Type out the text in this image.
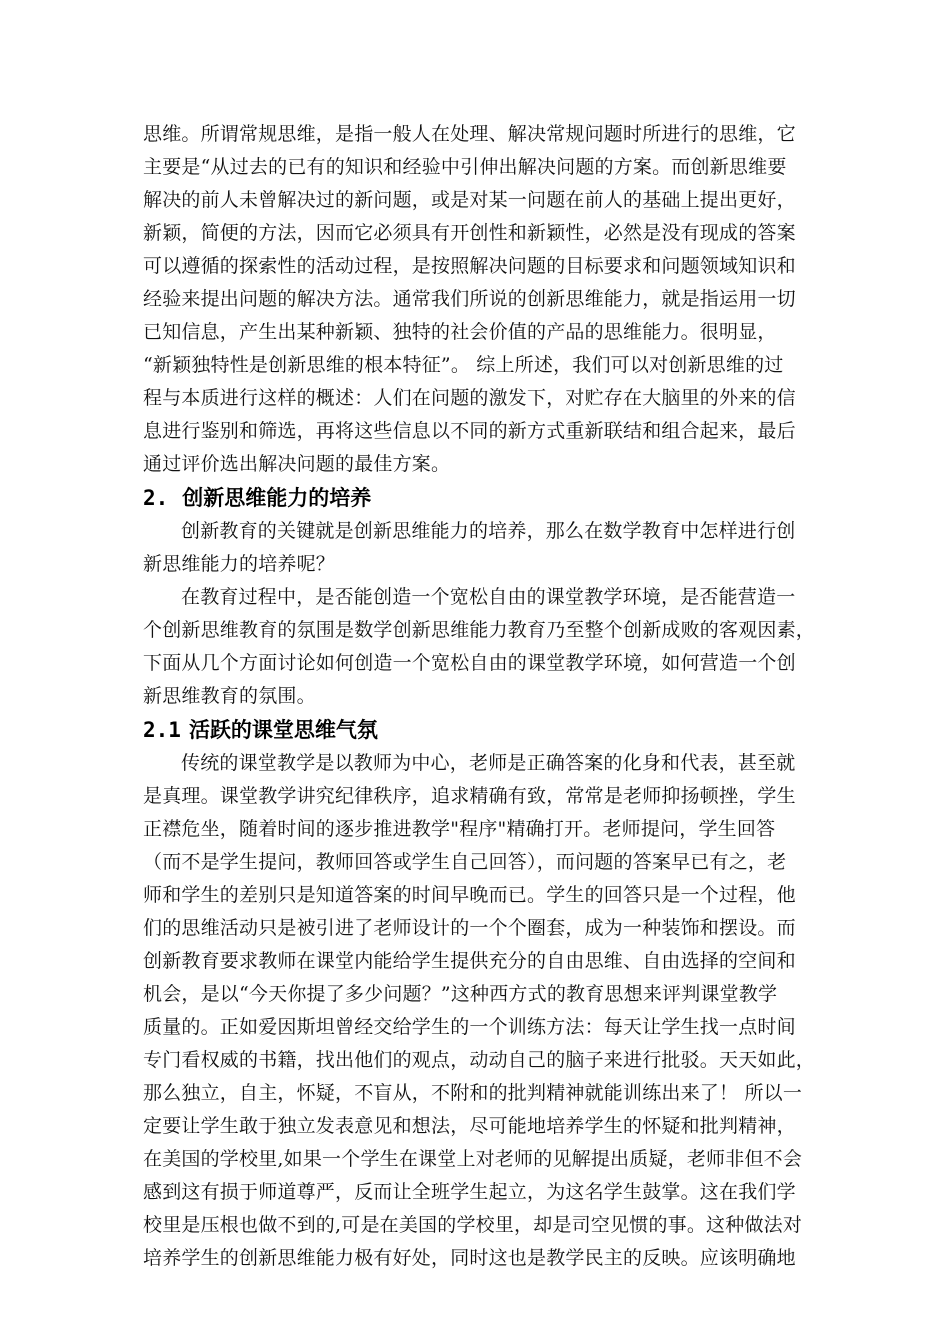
思维。所谓常规思维，是指一般人在处理、解决常规问题时所进行的思维，它
主要是“从过去的已有的知识和经验中引伸出解决问题的方案。而创新思维要
解决的前人未曾解决过的新问题，或是对某一问题在前人的基础上提出更好，
新颖，简便的方法，因而它必须具有开创性和新颖性，必然是没有现成的答案
可以遵循的探索性的活动过程，是按照解决问题的目标要求和问题领域知识和
经验来提出问题的解决方法。通常我们所说的创新思维能力，就是指运用一切
已知信息，产生出某种新颖、独特的社会价值的产品的思维能力。很明显，
“新颖独特性是创新思维的根本特征”。 综上所述，我们可以对创新思维的过
程与本质进行这样的概述：人们在问题的激发下，对贮存在大脑里的外来的信
息进行鉴别和筛选，再将这些信息以不同的新方式重新联结和组合起来，最后
通过评价选出解决问题的最佳方案。
2. 创新思维能力的培养
创新教育的关键就是创新思维能力的培养，那么在数学教育中怎样进行创
新思维能力的培养呢？
在教育过程中，是否能创造一个宽松自由的课堂教学环境，是否能营造一
个创新思维教育的氛围是数学创新思维能力教育乃至整个创新成败的客观因素，
下面从几个方面讨论如何创造一个宽松自由的课堂教学环境，如何营造一个创
新思维教育的氛围。
2.1 活跃的课堂思维气氛
传统的课堂教学是以教师为中心，老师是正确答案的化身和代表，甚至就
是真理。课堂教学讲究纪律秩序，追求精确有致，常常是老师抑扬顿挫，学生
正襟危坐，随着时间的逐步推进教学"程序"精确打开。老师提问，学生回答
（而不是学生提问，教师回答或学生自己回答），而问题的答案早已有之，老
师和学生的差别只是知道答案的时间早晚而已。学生的回答只是一个过程，他
们的思维活动只是被引进了老师设计的一个个圈套，成为一种装饰和摆设。而
创新教育要求教师在课堂内能给学生提供充分的自由思维、自由选择的空间和
机会，是以“今天你提了多少问题？”这种西方式的教育思想来评判课堂教学
质量的。正如爱因斯坦曾经交给学生的一个训练方法：每天让学生找一点时间
专门看权威的书籍，找出他们的观点，动动自己的脑子来进行批驳。天天如此，
那么独立，自主，怀疑，不盲从，不附和的批判精神就能训练出来了！ 所以一
定要让学生敢于独立发表意见和想法，尽可能地培养学生的怀疑和批判精神，
在美国的学校里,如果一个学生在课堂上对老师的见解提出质疑，老师非但不会
感到这有损于师道尊严，反而让全班学生起立，为这名学生鼓掌。这在我们学
校里是压根也做不到的,可是在美国的学校里，却是司空见惯的事。这种做法对
培养学生的创新思维能力极有好处，同时这也是教学民主的反映。应该明确地
